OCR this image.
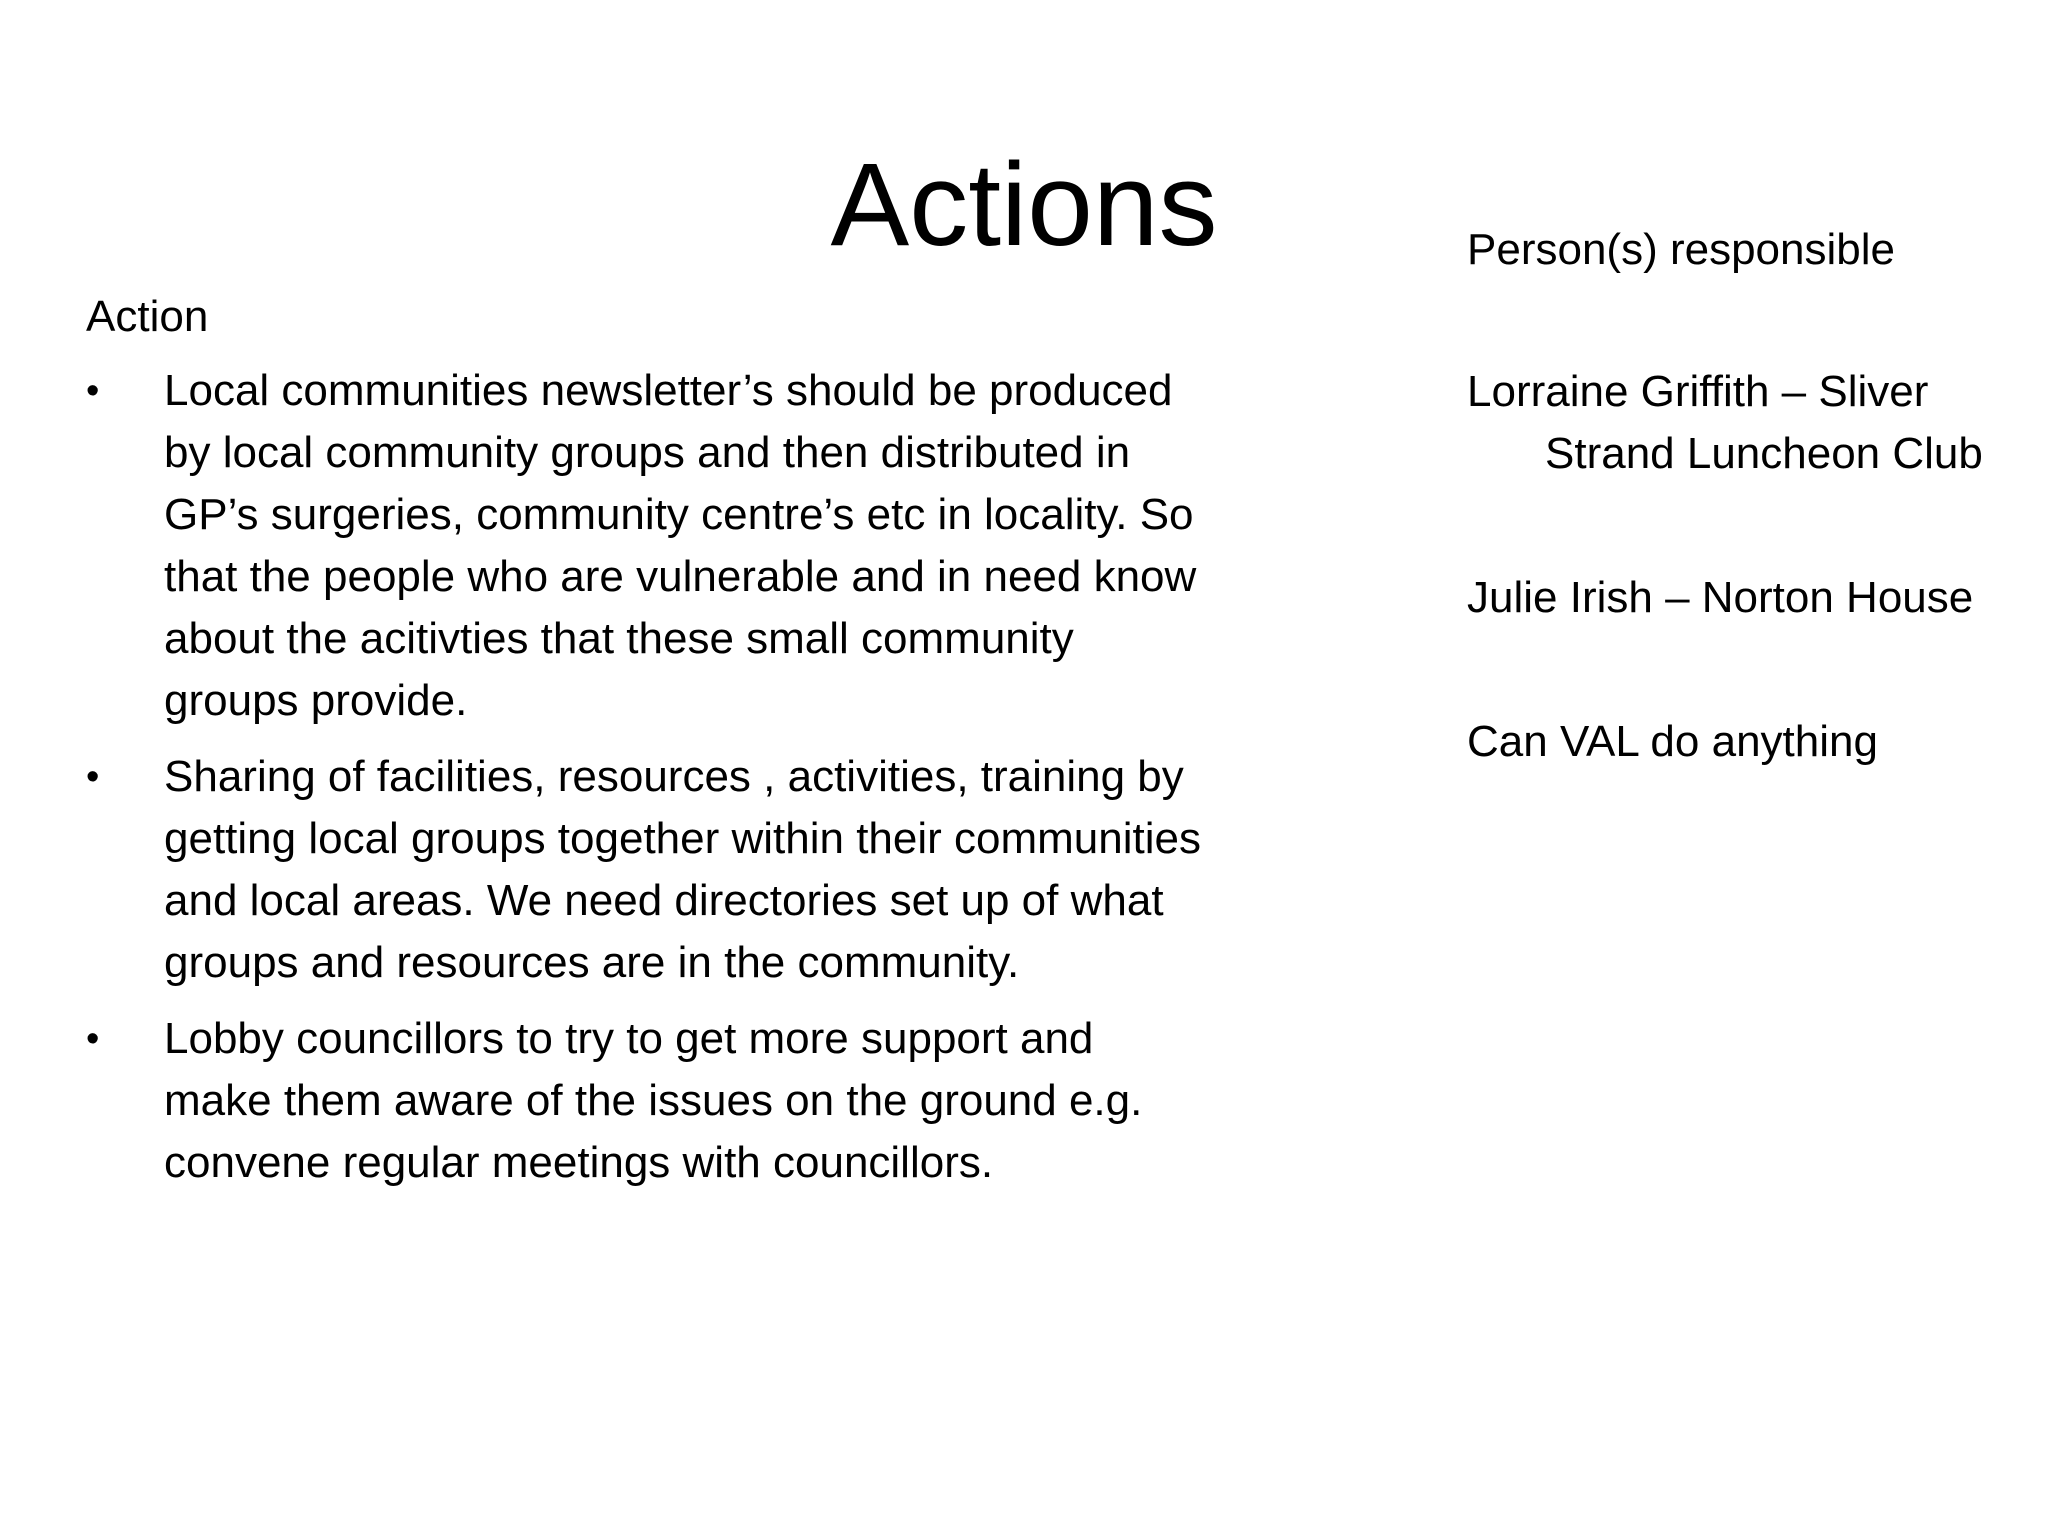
Actions
Action
•	Local communities newsletter’s should be produced by local community groups and then distributed in GP’s surgeries, community centre’s etc in locality. So that the people who are vulnerable and in need know about the acitivties that these small community groups provide.
•	Sharing of facilities, resources , activities, training by getting local groups together within their communities and local areas. We need directories set up of what groups and resources are in the community.
•	Lobby councillors to try to get more support and make them aware of the issues on the ground e.g. convene regular meetings with councillors.
Person(s) responsible
Lorraine Griffith – Sliver Strand Luncheon Club
Julie Irish – Norton House
Can VAL do anything
